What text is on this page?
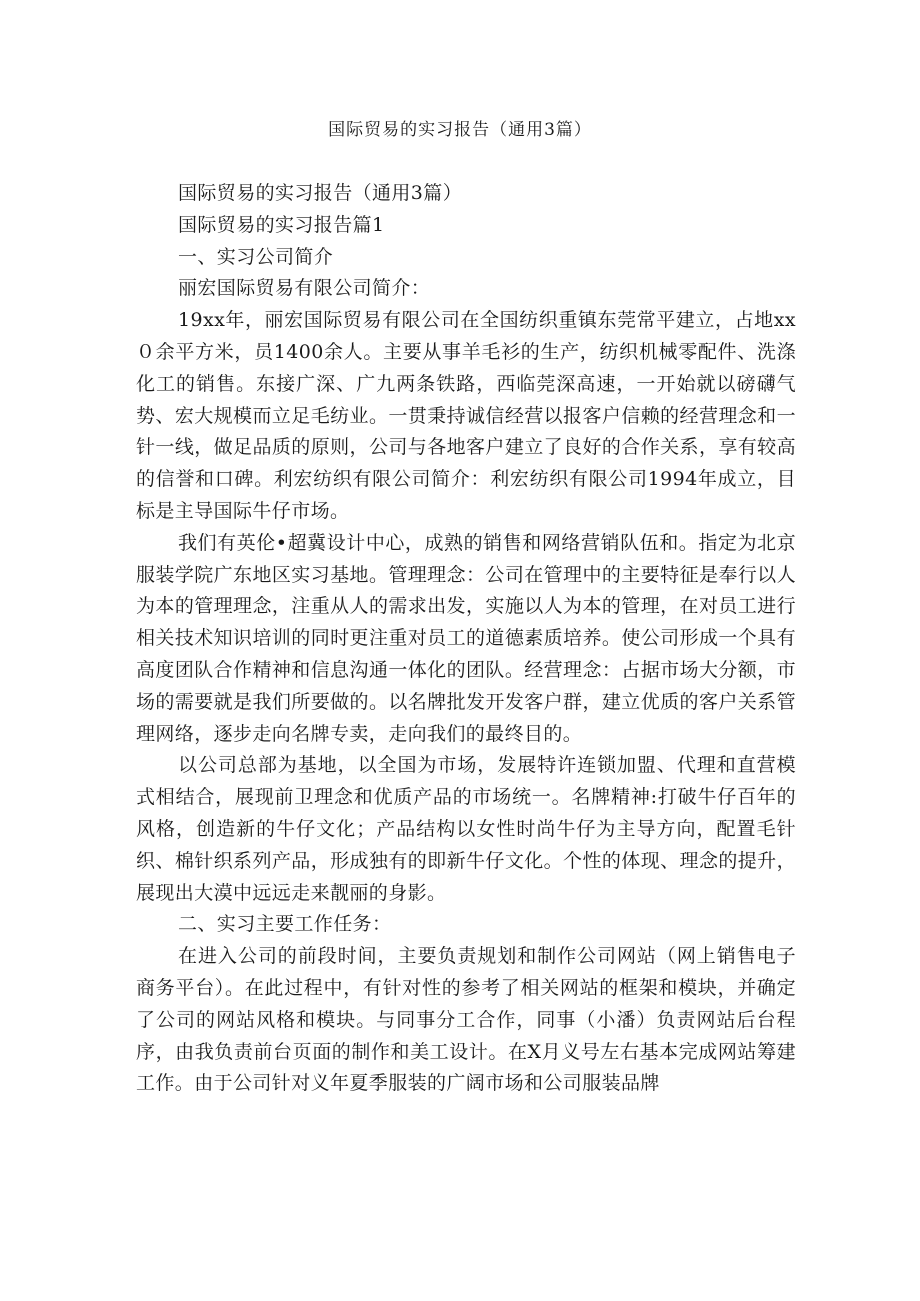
国际贸易的实习报告（通用3篇）

国际贸易的实习报告（通用3篇）

国际贸易的实习报告篇1

一、实习公司简介

丽宏国际贸易有限公司简介：

19xx年，丽宏国际贸易有限公司在全国纺织重镇东莞常平建立，占地xx０余平方米，员1400余人。主要从事羊毛衫的生产，纺织机械零配件、洗涤化工的销售。东接广深、广九两条铁路，西临莞深高速，一开始就以磅礴气势、宏大规模而立足毛纺业。一贯秉持诚信经营以报客户信赖的经营理念和一针一线，做足品质的原则，公司与各地客户建立了良好的合作关系，享有较高的信誉和口碑。利宏纺织有限公司简介：利宏纺织有限公司1994年成立，目标是主导国际牛仔市场。

我们有英伦•超冀设计中心，成熟的销售和网络营销队伍和。指定为北京服装学院广东地区实习基地。管理理念：公司在管理中的主要特征是奉行以人为本的管理理念，注重从人的需求出发，实施以人为本的管理，在对员工进行相关技术知识培训的同时更注重对员工的道德素质培养。使公司形成一个具有高度团队合作精神和信息沟通一体化的团队。经营理念：占据市场大分额，市场的需要就是我们所要做的。以名牌批发开发客户群，建立优质的客户关系管理网络，逐步走向名牌专卖，走向我们的最终目的。

以公司总部为基地，以全国为市场，发展特许连锁加盟、代理和直营模式相结合，展现前卫理念和优质产品的市场统一。名牌精神:打破牛仔百年的风格，创造新的牛仔文化；产品结构以女性时尚牛仔为主导方向，配置毛针织、棉针织系列产品，形成独有的即新牛仔文化。个性的体现、理念的提升，展现出大漠中远远走来靓丽的身影。

二、实习主要工作任务：

在进入公司的前段时间，主要负责规划和制作公司网站（网上销售电子商务平台）。在此过程中，有针对性的参考了相关网站的框架和模块，并确定了公司的网站风格和模块。与同事分工合作，同事（小潘）负责网站后台程序，由我负责前台页面的制作和美工设计。在X月义号左右基本完成网站筹建工作。由于公司针对义年夏季服装的广阔市场和公司服装品牌
